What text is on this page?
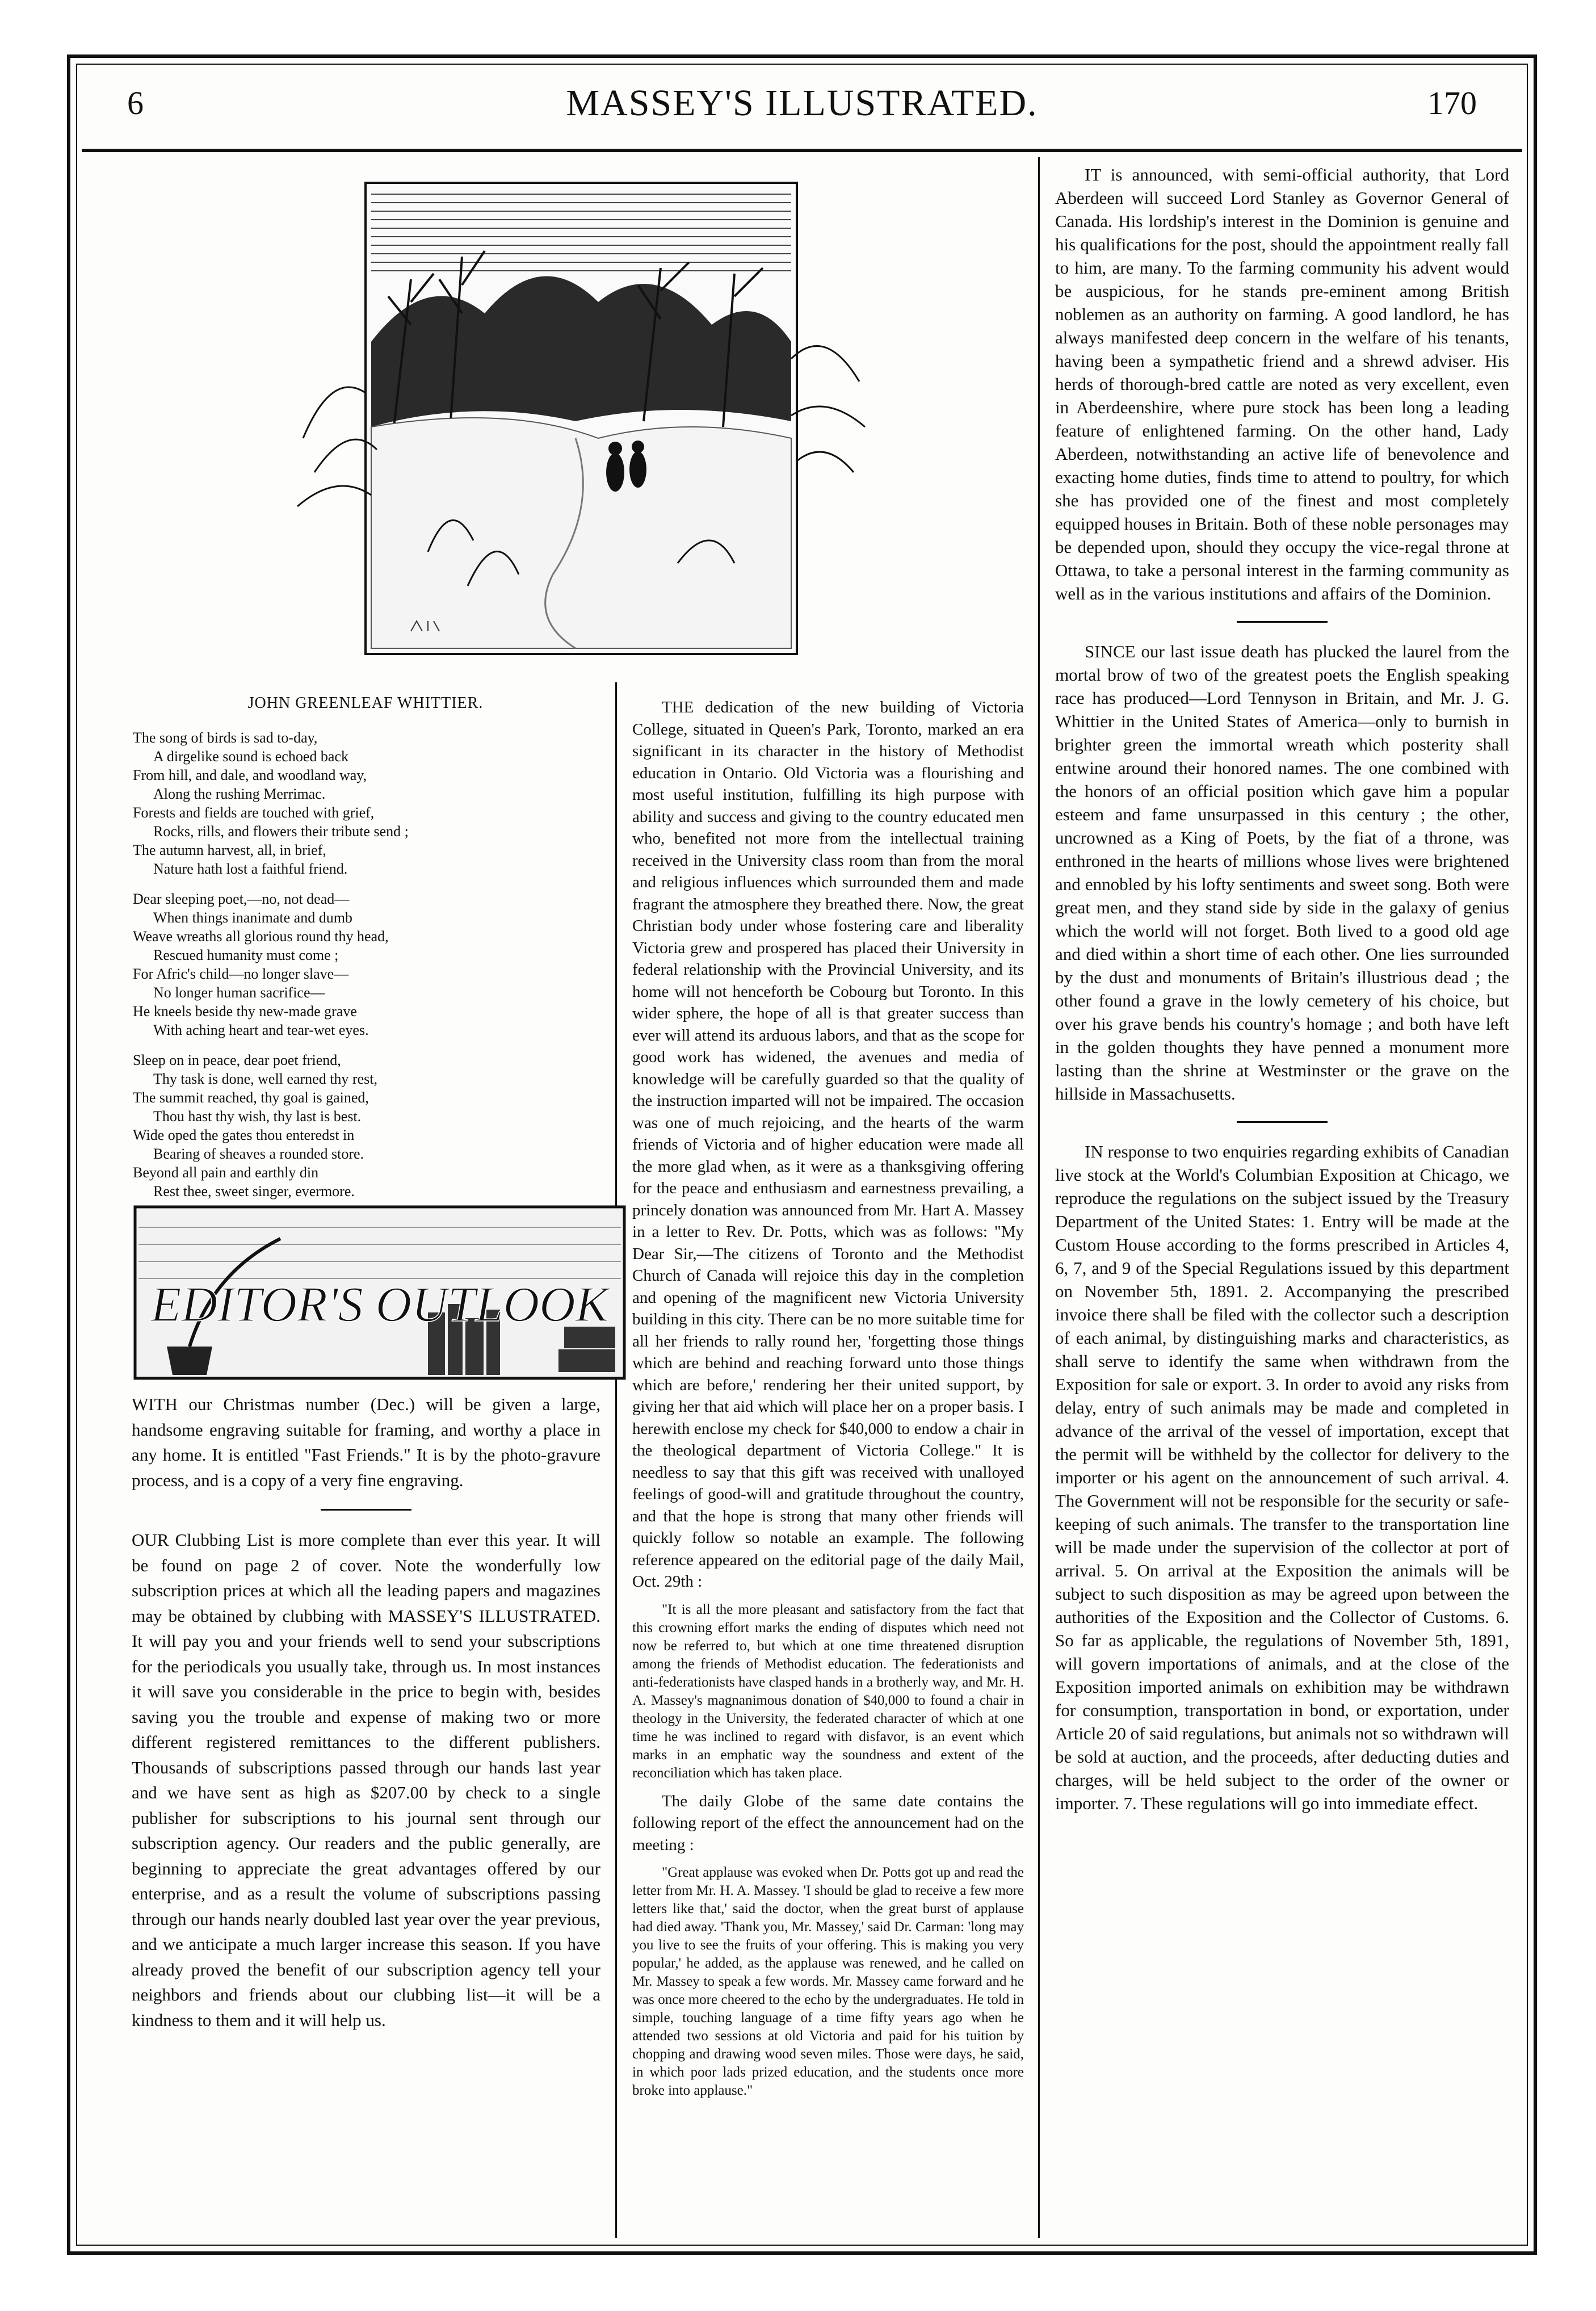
6	MASSEY'S ILLUSTRATED.	170
JOHN GREENLEAF WHITTIER.
The song of birds is sad to-day,
A dirgelike sound is echoed back
From hill, and dale, and woodland way,
Along the rushing Merrimac.
Forests and fields are touched with grief,
Rocks, rills, and flowers their tribute send ;
The autumn harvest, all, in brief,
Nature hath lost a faithful friend.
Dear sleeping poet,—no, not dead—
When things inanimate and dumb
Weave wreaths all glorious round thy head,
Rescued humanity must come ;
For Afric's child—no longer slave—
No longer human sacrifice—
He kneels beside thy new-made grave
With aching heart and tear-wet eyes.
Sleep on in peace, dear poet friend,
Thy task is done, well earned thy rest,
The summit reached, thy goal is gained,
Thou hast thy wish, thy last is best.
Wide oped the gates thou enteredst in
Bearing of sheaves a rounded store.
Beyond all pain and earthly din
Rest thee, sweet singer, evermore.
EDITOR'S OUTLOOK

WITH our Christmas number (Dec.) will be given a large, handsome engraving suitable for framing, and worthy a place in any home. It is entitled "Fast Friends." It is by the photo-gravure process, and is a copy of a very fine engraving.

OUR Clubbing List is more complete than ever this year. It will be found on page 2 of cover. Note the wonderfully low subscription prices at which all the leading papers and magazines may be obtained by clubbing with MASSEY'S ILLUSTRATED. It will pay you and your friends well to send your subscriptions for the periodicals you usually take, through us. In most instances it will save you considerable in the price to begin with, besides saving you the trouble and expense of making two or more different registered remittances to the different publishers. Thousands of subscriptions passed through our hands last year and we have sent as high as $207.00 by check to a single publisher for subscriptions to his journal sent through our subscription agency. Our readers and the public generally, are beginning to appreciate the great advantages offered by our enterprise, and as a result the volume of subscriptions passing through our hands nearly doubled last year over the year previous, and we anticipate a much larger increase this season. If you have already proved the benefit of our subscription agency tell your neighbors and friends about our clubbing list—it will be a kindness to them and it will help us.

THE dedication of the new building of Victoria College, situated in Queen's Park, Toronto, marked an era significant in its character in the history of Methodist education in Ontario. Old Victoria was a flourishing and most useful institution, fulfilling its high purpose with ability and success and giving to the country educated men who, benefited not more from the intellectual training received in the University class room than from the moral and religious influences which surrounded them and made fragrant the atmosphere they breathed there. Now, the great Christian body under whose fostering care and liberality Victoria grew and prospered has placed their University in federal relationship with the Provincial University, and its home will not henceforth be Cobourg but Toronto. In this wider sphere, the hope of all is that greater success than ever will attend its arduous labors, and that as the scope for good work has widened, the avenues and media of knowledge will be carefully guarded so that the quality of the instruction imparted will not be impaired. The occasion was one of much rejoicing, and the hearts of the warm friends of Victoria and of higher education were made all the more glad when, as it were as a thanksgiving offering for the peace and enthusiasm and earnestness prevailing, a princely donation was announced from Mr. Hart A. Massey in a letter to Rev. Dr. Potts, which was as follows: "My Dear Sir,—The citizens of Toronto and the Methodist Church of Canada will rejoice this day in the completion and opening of the magnificent new Victoria University building in this city. There can be no more suitable time for all her friends to rally round her, 'forgetting those things which are behind and reaching forward unto those things which are before,' rendering her their united support, by giving her that aid which will place her on a proper basis. I herewith enclose my check for $40,000 to endow a chair in the theological department of Victoria College." It is needless to say that this gift was received with unalloyed feelings of good-will and gratitude throughout the country, and that the hope is strong that many other friends will quickly follow so notable an example. The following reference appeared on the editorial page of the daily Mail, Oct. 29th :

"It is all the more pleasant and satisfactory from the fact that this crowning effort marks the ending of disputes which need not now be referred to, but which at one time threatened disruption among the friends of Methodist education. The federationists and anti-federationists have clasped hands in a brotherly way, and Mr. H. A. Massey's magnanimous donation of $40,000 to found a chair in theology in the University, the federated character of which at one time he was inclined to regard with disfavor, is an event which marks in an emphatic way the soundness and extent of the reconciliation which has taken place.

The daily Globe of the same date contains the following report of the effect the announcement had on the meeting :

"Great applause was evoked when Dr. Potts got up and read the letter from Mr. H. A. Massey. 'I should be glad to receive a few more letters like that,' said the doctor, when the great burst of applause had died away. 'Thank you, Mr. Massey,' said Dr. Carman: 'long may you live to see the fruits of your offering. This is making you very popular,' he added, as the applause was renewed, and he called on Mr. Massey to speak a few words. Mr. Massey came forward and he was once more cheered to the echo by the undergraduates. He told in simple, touching language of a time fifty years ago when he attended two sessions at old Victoria and paid for his tuition by chopping and drawing wood seven miles. Those were days, he said, in which poor lads prized education, and the students once more broke into applause."

IT is announced, with semi-official authority, that Lord Aberdeen will succeed Lord Stanley as Governor General of Canada. His lordship's interest in the Dominion is genuine and his qualifications for the post, should the appointment really fall to him, are many. To the farming community his advent would be auspicious, for he stands pre-eminent among British noblemen as an authority on farming. A good landlord, he has always manifested deep concern in the welfare of his tenants, having been a sympathetic friend and a shrewd adviser. His herds of thorough-bred cattle are noted as very excellent, even in Aberdeenshire, where pure stock has been long a leading feature of enlightened farming. On the other hand, Lady Aberdeen, notwithstanding an active life of benevolence and exacting home duties, finds time to attend to poultry, for which she has provided one of the finest and most completely equipped houses in Britain. Both of these noble personages may be depended upon, should they occupy the vice-regal throne at Ottawa, to take a personal interest in the farming community as well as in the various institutions and affairs of the Dominion.

SINCE our last issue death has plucked the laurel from the mortal brow of two of the greatest poets the English speaking race has produced—Lord Tennyson in Britain, and Mr. J. G. Whittier in the United States of America—only to burnish in brighter green the immortal wreath which posterity shall entwine around their honored names. The one combined with the honors of an official position which gave him a popular esteem and fame unsurpassed in this century ; the other, uncrowned as a King of Poets, by the fiat of a throne, was enthroned in the hearts of millions whose lives were brightened and ennobled by his lofty sentiments and sweet song. Both were great men, and they stand side by side in the galaxy of genius which the world will not forget. Both lived to a good old age and died within a short time of each other. One lies surrounded by the dust and monuments of Britain's illustrious dead ; the other found a grave in the lowly cemetery of his choice, but over his grave bends his country's homage ; and both have left in the golden thoughts they have penned a monument more lasting than the shrine at Westminster or the grave on the hillside in Massachusetts.

IN response to two enquiries regarding exhibits of Canadian live stock at the World's Columbian Exposition at Chicago, we reproduce the regulations on the subject issued by the Treasury Department of the United States: 1. Entry will be made at the Custom House according to the forms prescribed in Articles 4, 6, 7, and 9 of the Special Regulations issued by this department on November 5th, 1891. 2. Accompanying the prescribed invoice there shall be filed with the collector such a description of each animal, by distinguishing marks and characteristics, as shall serve to identify the same when withdrawn from the Exposition for sale or export. 3. In order to avoid any risks from delay, entry of such animals may be made and completed in advance of the arrival of the vessel of importation, except that the permit will be withheld by the collector for delivery to the importer or his agent on the announcement of such arrival. 4. The Government will not be responsible for the security or safe-keeping of such animals. The transfer to the transportation line will be made under the supervision of the collector at port of arrival. 5. On arrival at the Exposition the animals will be subject to such disposition as may be agreed upon between the authorities of the Exposition and the Collector of Customs. 6. So far as applicable, the regulations of November 5th, 1891, will govern importations of animals, and at the close of the Exposition imported animals on exhibition may be withdrawn for consumption, transportation in bond, or exportation, under Article 20 of said regulations, but animals not so withdrawn will be sold at auction, and the proceeds, after deducting duties and charges, will be held subject to the order of the owner or importer. 7. These regulations will go into immediate effect.
